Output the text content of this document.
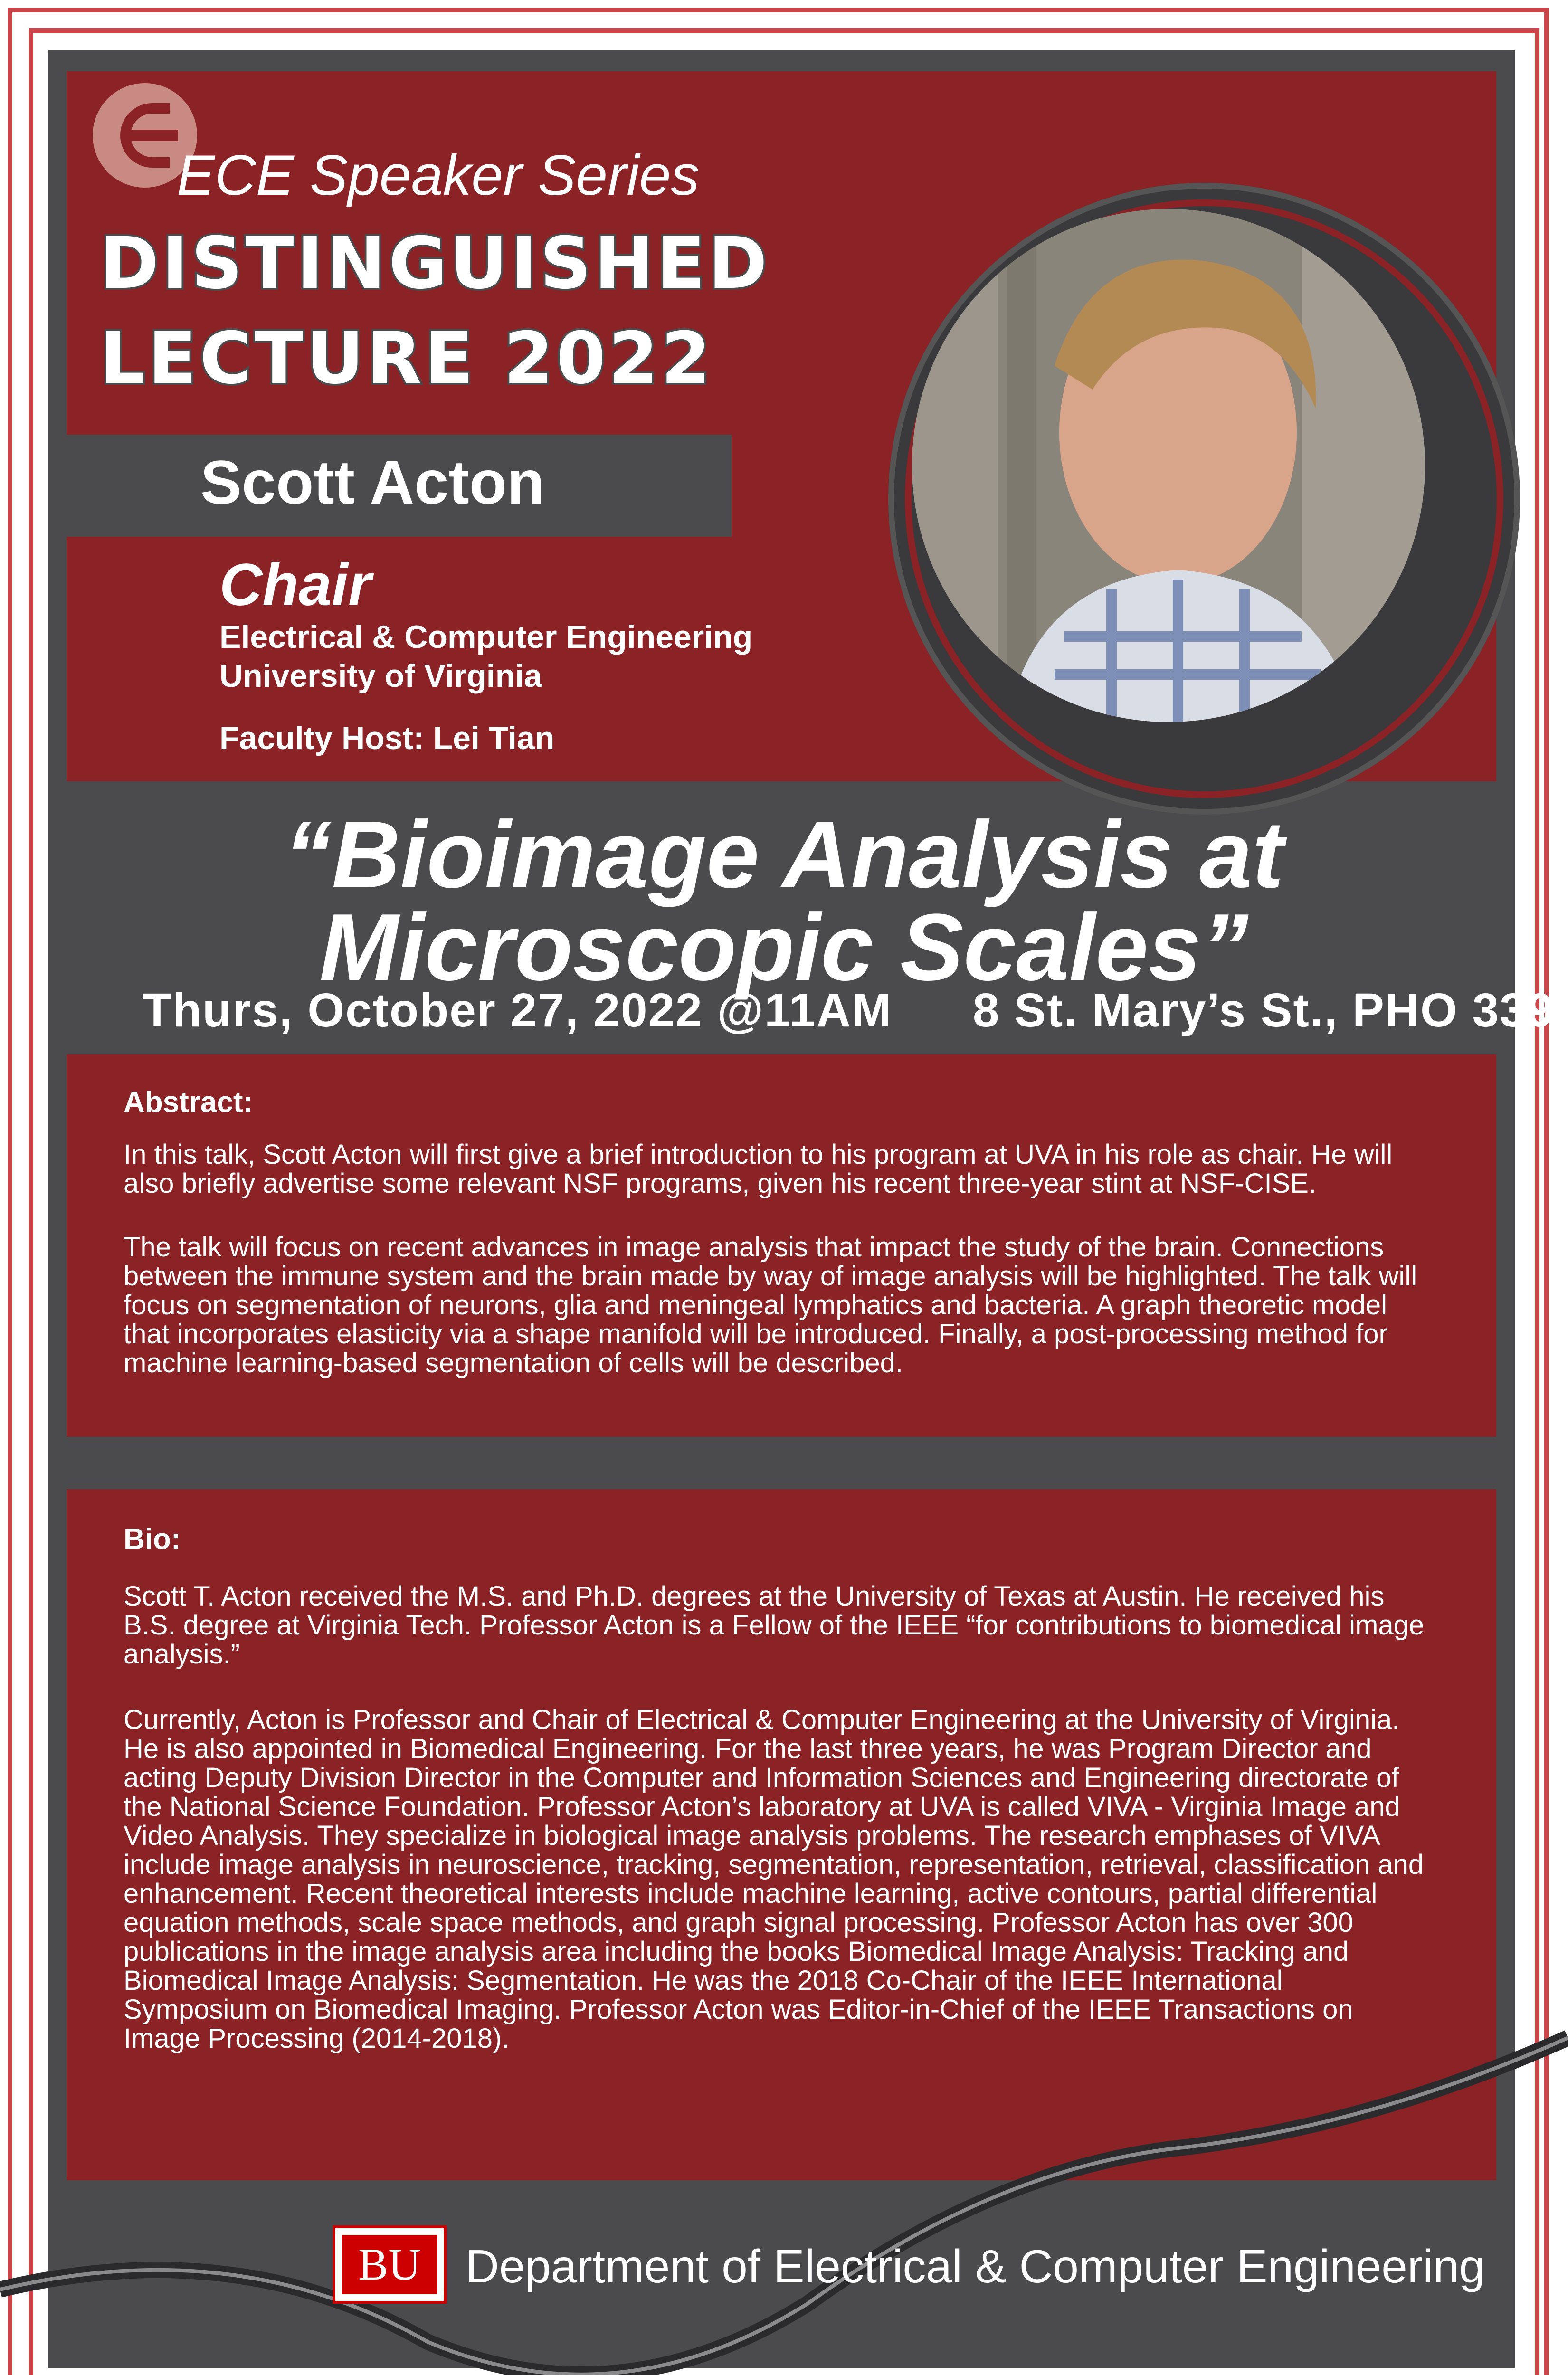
ECE Speaker Series
DISTINGUISHED
LECTURE 2022
Scott Acton
Chair
Electrical & Computer Engineering
University of Virginia
Faculty Host: Lei Tian
“Bioimage Analysis at
Microscopic Scales”
Thurs, October 27, 2022 @11AM 8 St. Mary’s St., PHO 339
Abstract:
In this talk, Scott Acton will first give a brief introduction to his program at UVA in his role as chair. He will also briefly advertise some relevant NSF programs, given his recent three-year stint at NSF-CISE.
The talk will focus on recent advances in image analysis that impact the study of the brain. Connections between the immune system and the brain made by way of image analysis will be highlighted. The talk will focus on segmentation of neurons, glia and meningeal lymphatics and bacteria. A graph theoretic model that incorporates elasticity via a shape manifold will be introduced. Finally, a post-processing method for machine learning-based segmentation of cells will be described.
Bio:
Scott T. Acton received the M.S. and Ph.D. degrees at the University of Texas at Austin. He received his B.S. degree at Virginia Tech. Professor Acton is a Fellow of the IEEE “for contributions to biomedical image analysis.”
Currently, Acton is Professor and Chair of Electrical & Computer Engineering at the University of Virginia. He is also appointed in Biomedical Engineering. For the last three years, he was Program Director and acting Deputy Division Director in the Computer and Information Sciences and Engineering directorate of the National Science Foundation. Professor Acton’s laboratory at UVA is called VIVA - Virginia Image and Video Analysis. They specialize in biological image analysis problems. The research emphases of VIVA include image analysis in neuroscience, tracking, segmentation, representation, retrieval, classification and enhancement. Recent theoretical interests include machine learning, active contours, partial differential equation methods, scale space methods, and graph signal processing. Professor Acton has over 300 publications in the image analysis area including the books Biomedical Image Analysis: Tracking and Biomedical Image Analysis: Segmentation. He was the 2018 Co-Chair of the IEEE International Symposium on Biomedical Imaging. Professor Acton was Editor-in-Chief of the IEEE Transactions on Image Processing (2014-2018).
BU Department of Electrical & Computer Engineering
